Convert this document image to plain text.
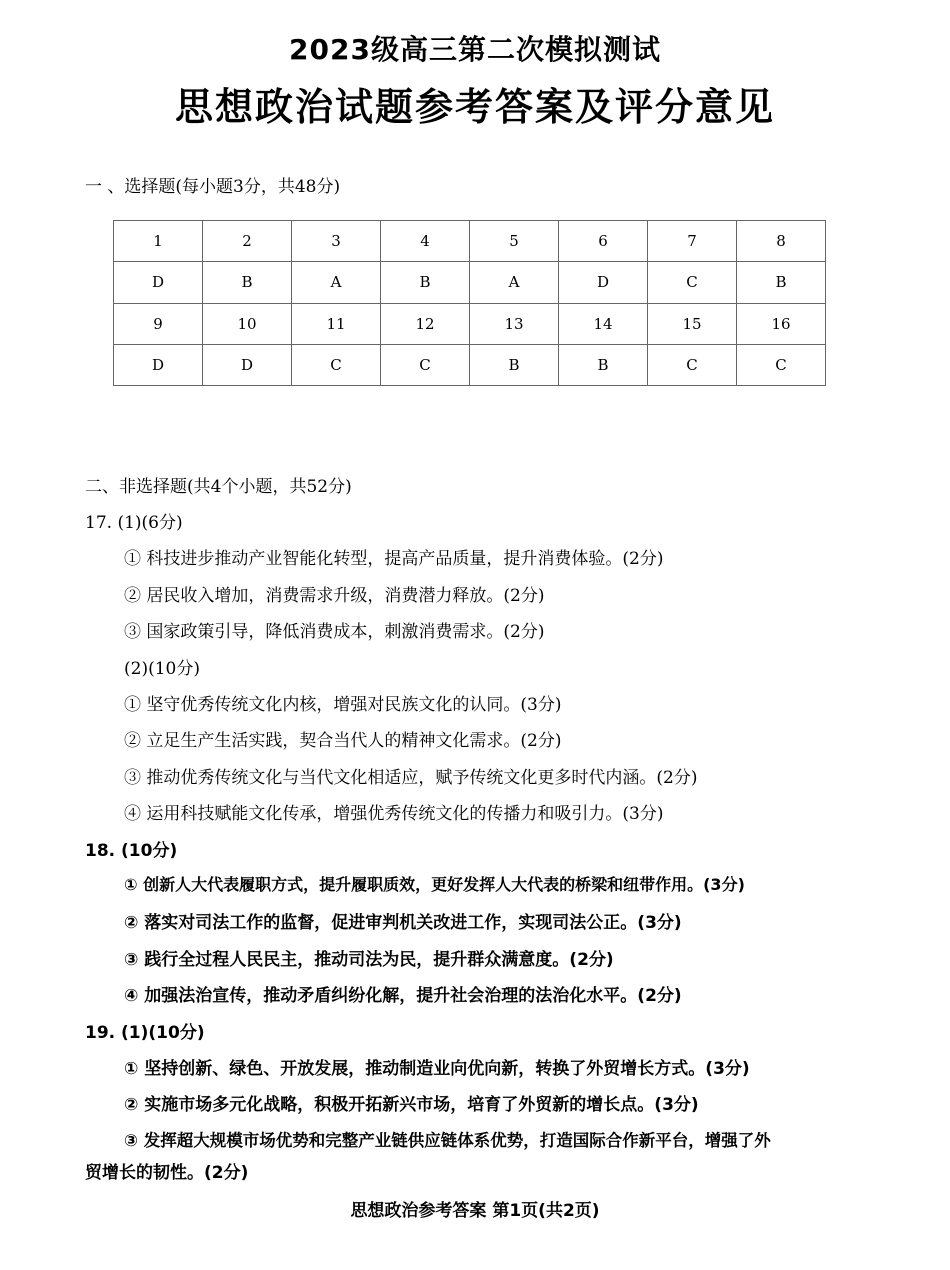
2023级高三第二次模拟测试
思想政治试题参考答案及评分意见
一 、选择题(每小题3分，共48分)
1	2	3	4	5	6	7	8
D	B	A	B	A	D	C	B
9	10	11	12	13	14	15	16
D	D	C	C	B	B	C	C
二、非选择题(共4个小题，共52分)
17. (1)(6分)
① 科技进步推动产业智能化转型，提高产品质量，提升消费体验。(2分)
② 居民收入增加，消费需求升级，消费潜力释放。(2分)
③ 国家政策引导，降低消费成本，刺激消费需求。(2分)
(2)(10分)
① 坚守优秀传统文化内核，增强对民族文化的认同。(3分)
② 立足生产生活实践，契合当代人的精神文化需求。(2分)
③ 推动优秀传统文化与当代文化相适应，赋予传统文化更多时代内涵。(2分)
④ 运用科技赋能文化传承，增强优秀传统文化的传播力和吸引力。(3分)
18. (10分)
① 创新人大代表履职方式，提升履职质效，更好发挥人大代表的桥梁和纽带作用。(3分)
② 落实对司法工作的监督，促进审判机关改进工作，实现司法公正。(3分)
③ 践行全过程人民民主，推动司法为民，提升群众满意度。(2分)
④ 加强法治宣传，推动矛盾纠纷化解，提升社会治理的法治化水平。(2分)
19. (1)(10分)
① 坚持创新、绿色、开放发展，推动制造业向优向新，转换了外贸增长方式。(3分)
② 实施市场多元化战略，积极开拓新兴市场，培育了外贸新的增长点。(3分)
③ 发挥超大规模市场优势和完整产业链供应链体系优势，打造国际合作新平台，增强了外
贸增长的韧性。(2分)
思想政治参考答案 第1页(共2页)
